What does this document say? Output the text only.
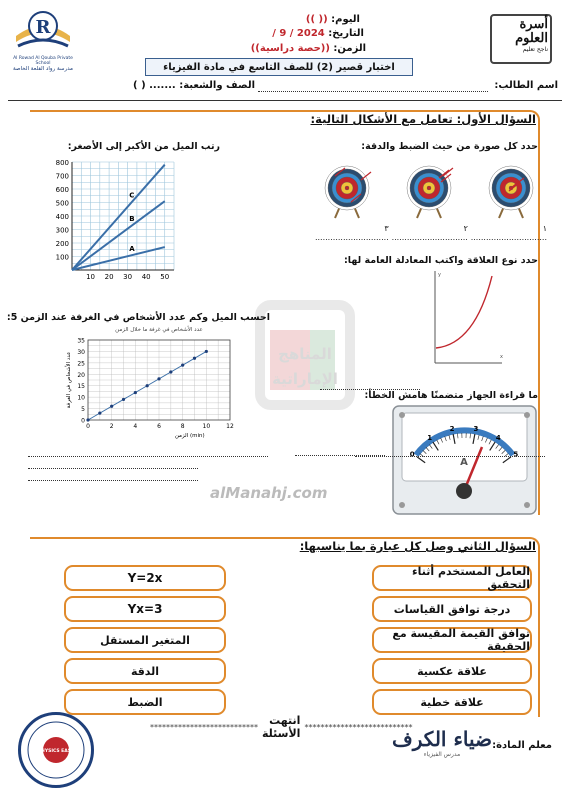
المناهج
الإماراتية
alManahj.com
R
Al Rowad Al Qouba Private School
مدرسة رواد القلعة الخاصة
اليوم: (( ))
التاريخ: / 9 / 2024
الزمن: ((حصة دراسية))
أسرة
العلوم
ناجح تعليم
اختبار قصير (2) للصف التاسع في مادة الفيزياء
اسم الطالب:
الصف والشعبة: ....... ( )
السؤال الأول: تعامل مع الأشكال التالية:
حدد كل صورة من حيث الضبط والدقة:
رتب الميل من الأكبر إلى الأصغر:
١ ..............................
٢ ..............................
٣ .............................
100
200
300
400
500
600
700
800
10 20 30 40 50
C
B
A
حدد نوع العلاقة واكتب المعادلة العامة لها:
x
y
احسب الميل وكم عدد الأشخاص في الغرفة عند الزمن 5:
عدد الأشخاص في غرفة ما خلال الزمن
0
5
10
15
20
25
30
35
0	2	4	6	8	10	12
الزمن (min)
عدد الأشخاص في الغرفة	ما قراءة الجهاز متضمنًا هامش الخطأ:
0
1
2	3
4
5
A
السؤال الثاني وصل كل عبارة بما يناسبها:
العامل المستخدم أثناء التحقيق
درجة توافق القياسات
توافق القيمة المقيسة مع الحقيقة
علاقة عكسية
علاقة خطية
Y=2x
Yx=3
المتغير المستقل
الدقة
الضبط
***************************	انتهت الأسئلة ***************************
PHYSICS EASY
معلم المادة:
ضياء الكرف
مدرس الفيزياء
